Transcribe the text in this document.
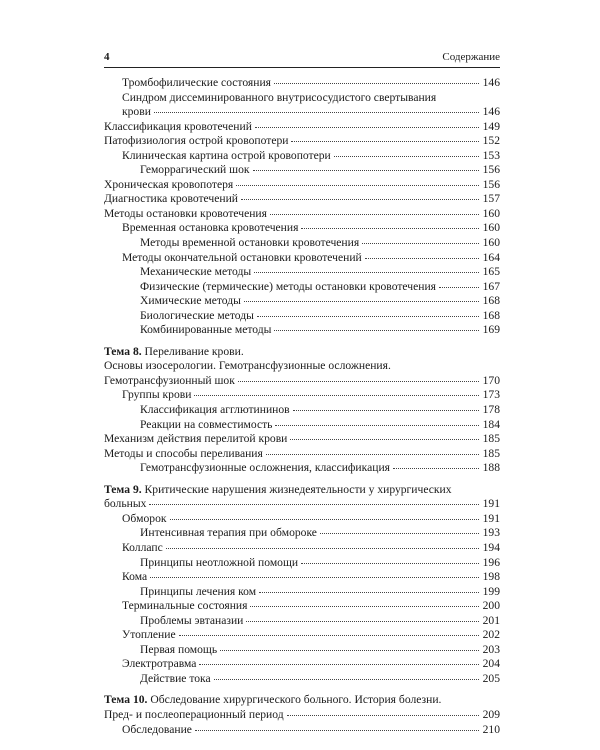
4	Содержание
Тромбофилические состояния	146
Синдром диссеминированного внутрисосудистого свертывания
крови	146
Классификация кровотечений	149
Патофизиология острой кровопотери	152
Клиническая картина острой кровопотери	153
Геморрагический шок	156
Хроническая кровопотеря	156
Диагностика кровотечений	157
Методы остановки кровотечения	160
Временная остановка кровотечения	160
Методы временной остановки кровотечения	160
Методы окончательной остановки кровотечений	164
Механические методы	165
Физические (термические) методы остановки кровотечения	167
Химические методы	168
Биологические методы	168
Комбинированные методы	169
Тема 8. Переливание крови.
Основы изосерологии. Гемотрансфузионные осложнения.
Гемотрансфузионный шок	170
Группы крови	173
Классификация агглютининов	178
Реакции на совместимость	184
Механизм действия перелитой крови	185
Методы и способы переливания	185
Гемотрансфузионные осложнения, классификация	188
Тема 9. Критические нарушения жизнедеятельности у хирургических
больных	191
Обморок	191
Интенсивная терапия при обмороке	193
Коллапс	194
Принципы неотложной помощи	196
Кома	198
Принципы лечения ком	199
Терминальные состояния	200
Проблемы эвтаназии	201
Утопление	202
Первая помощь	203
Электротравма	204
Действие тока	205
Тема 10. Обследование хирургического больного. История болезни.
Пред- и послеоперационный период	209
Обследование	210
